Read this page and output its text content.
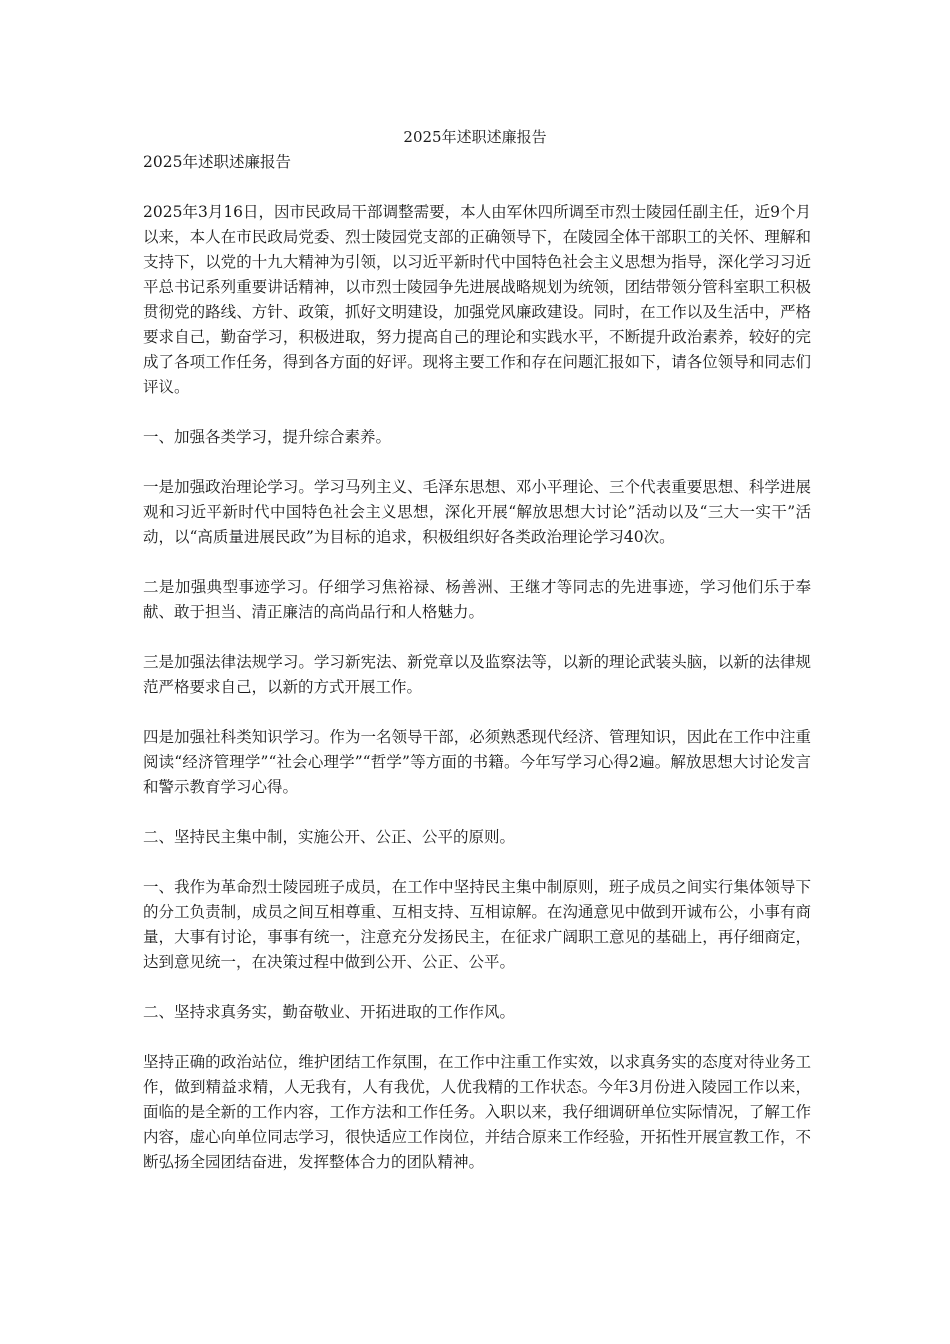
2025年述职述廉报告

2025年述职述廉报告

2025年3月16日，因市民政局干部调整需要，本人由军休四所调至市烈士陵园任副主任，近9个月以来，本人在市民政局党委、烈士陵园党支部的正确领导下，在陵园全体干部职工的关怀、理解和支持下，以党的十九大精神为引领，以习近平新时代中国特色社会主义思想为指导，深化学习习近平总书记系列重要讲话精神，以市烈士陵园争先进展战略规划为统领，团结带领分管科室职工积极贯彻党的路线、方针、政策，抓好文明建设，加强党风廉政建设。同时，在工作以及生活中，严格要求自己，勤奋学习，积极进取，努力提高自己的理论和实践水平，不断提升政治素养，较好的完成了各项工作任务，得到各方面的好评。现将主要工作和存在问题汇报如下，请各位领导和同志们评议。

一、加强各类学习，提升综合素养。

一是加强政治理论学习。学习马列主义、毛泽东思想、邓小平理论、三个代表重要思想、科学进展观和习近平新时代中国特色社会主义思想，深化开展“解放思想大讨论”活动以及“三大一实干”活动，以“高质量进展民政”为目标的追求，积极组织好各类政治理论学习40次。

二是加强典型事迹学习。仔细学习焦裕禄、杨善洲、王继才等同志的先进事迹，学习他们乐于奉献、敢于担当、清正廉洁的高尚品行和人格魅力。

三是加强法律法规学习。学习新宪法、新党章以及监察法等，以新的理论武装头脑，以新的法律规范严格要求自己，以新的方式开展工作。

四是加强社科类知识学习。作为一名领导干部，必须熟悉现代经济、管理知识，因此在工作中注重阅读“经济管理学”“社会心理学”“哲学”等方面的书籍。今年写学习心得2遍。解放思想大讨论发言和警示教育学习心得。

二、坚持民主集中制，实施公开、公正、公平的原则。

一、我作为革命烈士陵园班子成员，在工作中坚持民主集中制原则，班子成员之间实行集体领导下的分工负责制，成员之间互相尊重、互相支持、互相谅解。在沟通意见中做到开诚布公，小事有商量，大事有讨论，事事有统一，注意充分发扬民主，在征求广阔职工意见的基础上，再仔细商定，达到意见统一，在决策过程中做到公开、公正、公平。

二、坚持求真务实，勤奋敬业、开拓进取的工作作风。

坚持正确的政治站位，维护团结工作氛围，在工作中注重工作实效，以求真务实的态度对待业务工作，做到精益求精，人无我有，人有我优，人优我精的工作状态。今年3月份进入陵园工作以来，面临的是全新的工作内容，工作方法和工作任务。入职以来，我仔细调研单位实际情况，了解工作内容，虚心向单位同志学习，很快适应工作岗位，并结合原来工作经验，开拓性开展宣教工作，不断弘扬全园团结奋进，发挥整体合力的团队精神。
